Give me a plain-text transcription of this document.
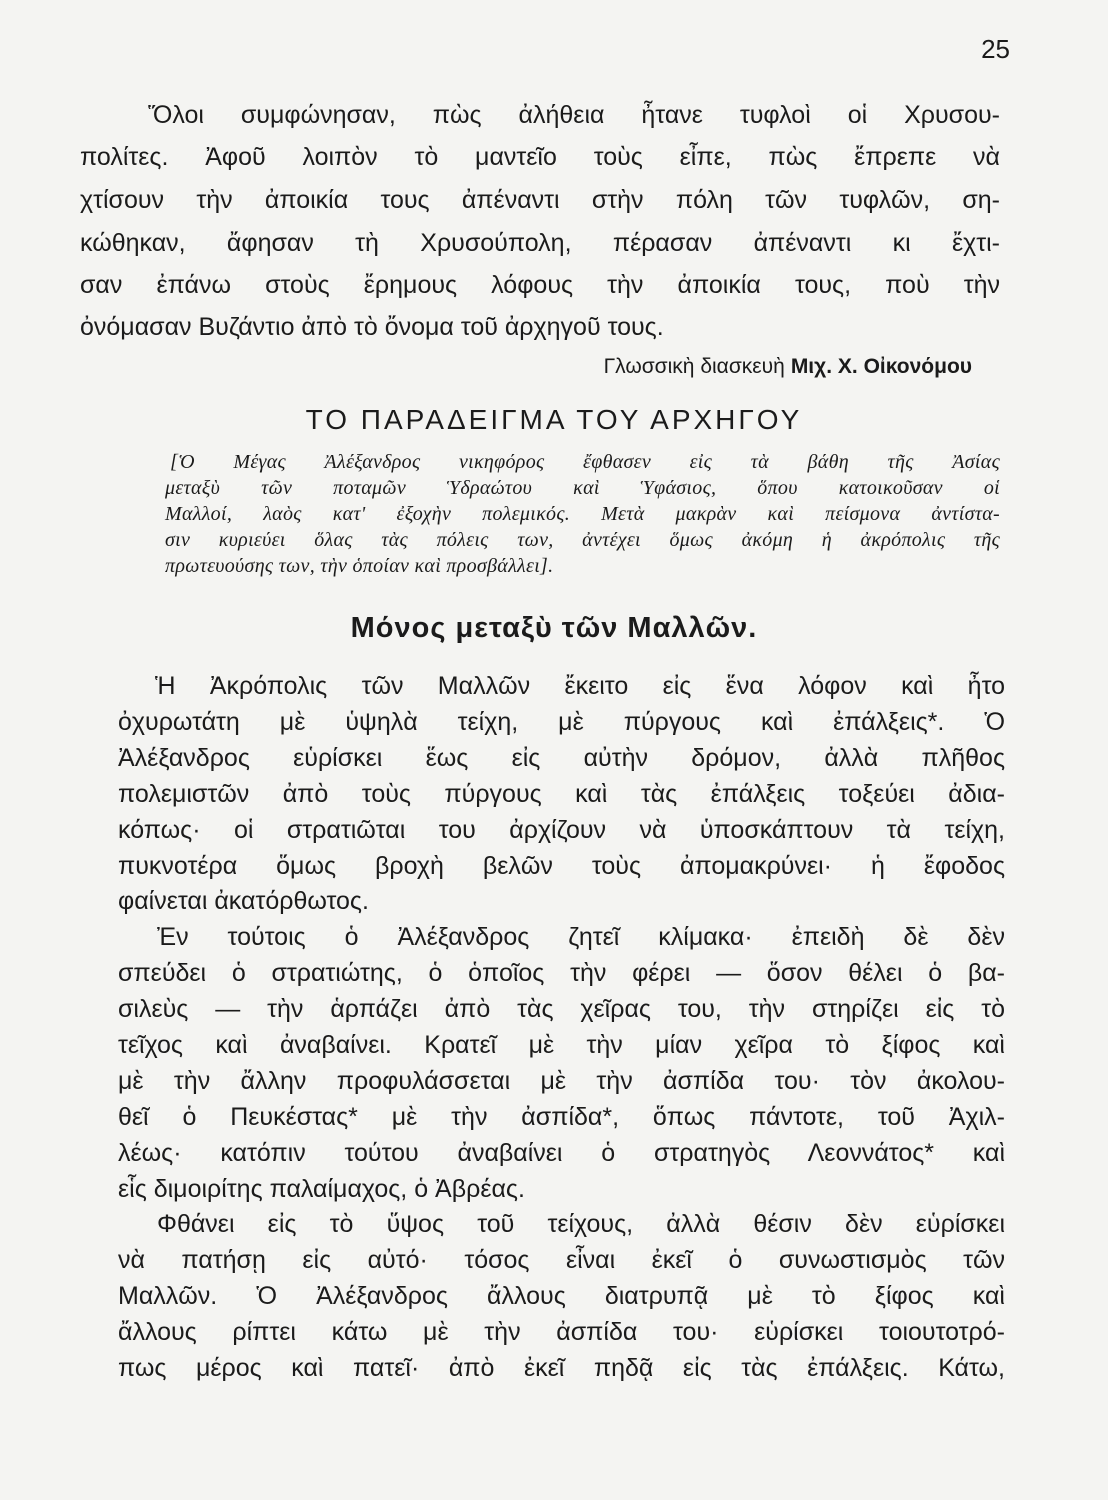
25
Ὅλοι συμφώνησαν, πὼς ἀλήθεια ἦτανε τυφλοὶ οἱ Χρυσου-
πολίτες. Ἀφοῦ λοιπὸν τὸ μαντεῖο τοὺς εἶπε, πὼς ἔπρεπε νὰ
χτίσουν τὴν ἀποικία τους ἀπέναντι στὴν πόλη τῶν τυφλῶν, ση-
κώθηκαν, ἄφησαν τὴ Χρυσούπολη, πέρασαν ἀπέναντι κι ἔχτι-
σαν ἐπάνω στοὺς ἔρημους λόφους τὴν ἀποικία τους, ποὺ τὴν
ὀνόμασαν Βυζάντιο ἀπὸ τὸ ὄνομα τοῦ ἀρχηγοῦ τους.
Γλωσσικὴ διασκευὴ Μιχ. Χ. Οἰκονόμου
ΤΟ ΠΑΡΑΔΕΙΓΜΑ ΤΟΥ ΑΡΧΗΓΟΥ
[Ὁ Μέγας Ἀλέξανδρος νικηφόρος ἔφθασεν εἰς τὰ βάθη τῆς Ἀσίας
μεταξὺ τῶν ποταμῶν Ὑδραώτου καὶ Ὑφάσιος, ὅπου κατοικοῦσαν οἱ
Μαλλοί, λαὸς κατ' ἐξοχὴν πολεμικός. Μετὰ μακρὰν καὶ πείσμονα ἀντίστα-
σιν κυριεύει ὅλας τὰς πόλεις των, ἀντέχει ὅμως ἀκόμη ἡ ἀκρόπολις τῆς
πρωτευούσης των, τὴν ὁποίαν καὶ προσβάλλει].
Μόνος μεταξὺ τῶν Μαλλῶν.
Ἡ Ἀκρόπολις τῶν Μαλλῶν ἔκειτο εἰς ἕνα λόφον καὶ ἦτο
ὀχυρωτάτη μὲ ὑψηλὰ τείχη, μὲ πύργους καὶ ἐπάλξεις*. Ὁ
Ἀλέξανδρος εὑρίσκει ἕως εἰς αὐτὴν δρόμον, ἀλλὰ πλῆθος
πολεμιστῶν ἀπὸ τοὺς πύργους καὶ τὰς ἐπάλξεις τοξεύει ἀδια-
κόπως· οἱ στρατιῶται του ἀρχίζουν νὰ ὑποσκάπτουν τὰ τείχη,
πυκνοτέρα ὅμως βροχὴ βελῶν τοὺς ἀπομακρύνει· ἡ ἔφοδος
φαίνεται ἀκατόρθωτος.
Ἐν τούτοις ὁ Ἀλέξανδρος ζητεῖ κλίμακα· ἐπειδὴ δὲ δὲν
σπεύδει ὁ στρατιώτης, ὁ ὁποῖος τὴν φέρει — ὅσον θέλει ὁ βα-
σιλεὺς — τὴν ἁρπάζει ἀπὸ τὰς χεῖρας του, τὴν στηρίζει εἰς τὸ
τεῖχος καὶ ἀναβαίνει. Κρατεῖ μὲ τὴν μίαν χεῖρα τὸ ξίφος καὶ
μὲ τὴν ἄλλην προφυλάσσεται μὲ τὴν ἀσπίδα του· τὸν ἀκολου-
θεῖ ὁ Πευκέστας* μὲ τὴν ἀσπίδα*, ὅπως πάντοτε, τοῦ Ἀχιλ-
λέως· κατόπιν τούτου ἀναβαίνει ὁ στρατηγὸς Λεοννάτος* καὶ
εἷς διμοιρίτης παλαίμαχος, ὁ Ἀβρέας.
Φθάνει εἰς τὸ ὕψος τοῦ τείχους, ἀλλὰ θέσιν δὲν εὑρίσκει
νὰ πατήσῃ εἰς αὐτό· τόσος εἶναι ἐκεῖ ὁ συνωστισμὸς τῶν
Μαλλῶν. Ὁ Ἀλέξανδρος ἄλλους διατρυπᾷ μὲ τὸ ξίφος καὶ
ἄλλους ρίπτει κάτω μὲ τὴν ἀσπίδα του· εὑρίσκει τοιουτοτρό-
πως μέρος καὶ πατεῖ· ἀπὸ ἐκεῖ πηδᾷ εἰς τὰς ἐπάλξεις. Κάτω,
